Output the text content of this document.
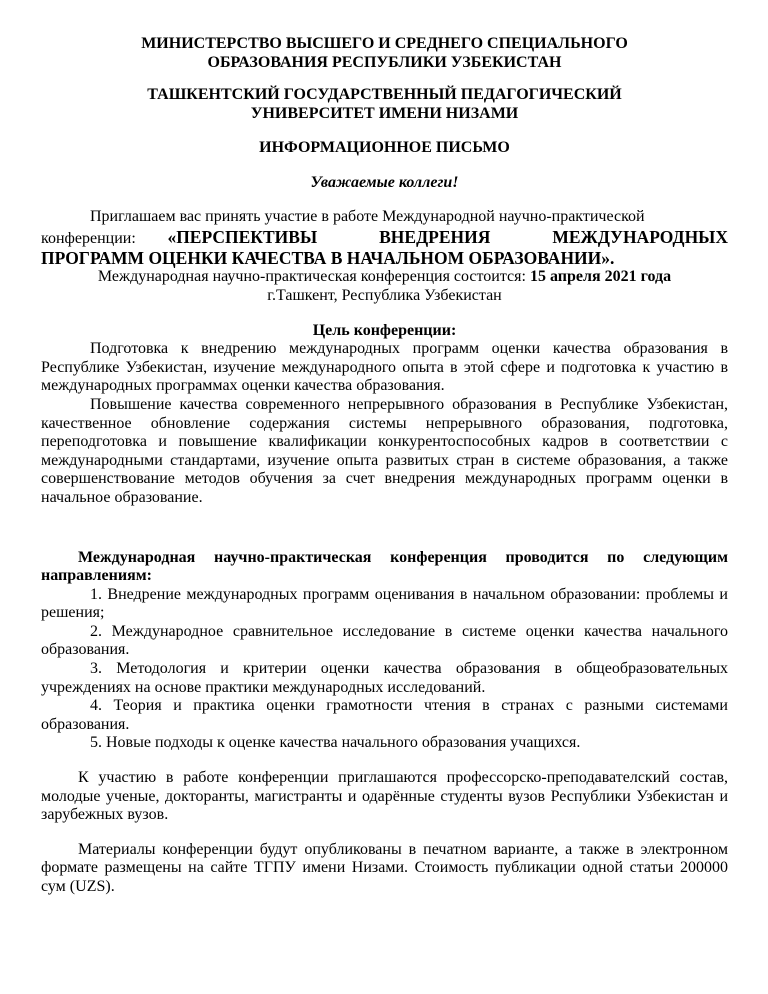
МИНИСТЕРСТВО ВЫСШЕГО И СРЕДНЕГО СПЕЦИАЛЬНОГО
ОБРАЗОВАНИЯ РЕСПУБЛИКИ УЗБЕКИСТАН
ТАШКЕНТСКИЙ ГОСУДАРСТВЕННЫЙ ПЕДАГОГИЧЕСКИЙ
УНИВЕРСИТЕТ ИМЕНИ НИЗАМИ
ИНФОРМАЦИОННОЕ ПИСЬМО
Уважаемые коллеги!

Приглашаем вас принять участие в работе Международной научно-практической

конференции: «ПЕРСПЕКТИВЫ ВНЕДРЕНИЯ МЕЖДУНАРОДНЫХ

ПРОГРАММ ОЦЕНКИ КАЧЕСТВА В НАЧАЛЬНОМ ОБРАЗОВАНИИ».

Международная научно-практическая конференция состоится: 15 апреля 2021 года

г.Ташкент, Республика Узбекистан

Цель конференции:

Подготовка к внедрению международных программ оценки качества образования в Республике Узбекистан, изучение международного опыта в этой сфере и подготовка к участию в международных программах оценки качества образования.

Повышение качества современного непрерывного образования в Республике Узбекистан, качественное обновление содержания системы непрерывного образования, подготовка, переподготовка и повышение квалификации конкурентоспособных кадров в соответствии с международными стандартами, изучение опыта развитых стран в системе образования, а также совершенствование методов обучения за счет внедрения международных программ оценки в начальное образование.

Международная научно-практическая конференция проводится по следующим направлениям:

1. Внедрение международных программ оценивания в начальном образовании: проблемы и решения;

2. Международное сравнительное исследование в системе оценки качества начального образования.

3. Методология и критерии оценки качества образования в общеобразовательных учреждениях на основе практики международных исследований.

4. Теория и практика оценки грамотности чтения в странах с разными системами образования.

5. Новые подходы к оценке качества начального образования учащихся.

К участию в работе конференции приглашаются профессорско-преподавателский состав, молодые ученые, докторанты, магистранты и одарённые студенты вузов Республики Узбекистан и зарубежных вузов.

Материалы конференции будут опубликованы в печатном варианте, а также в электронном формате размещены на сайте ТГПУ имени Низами. Стоимость публикации одной статьи 200000 сум (UZS).
